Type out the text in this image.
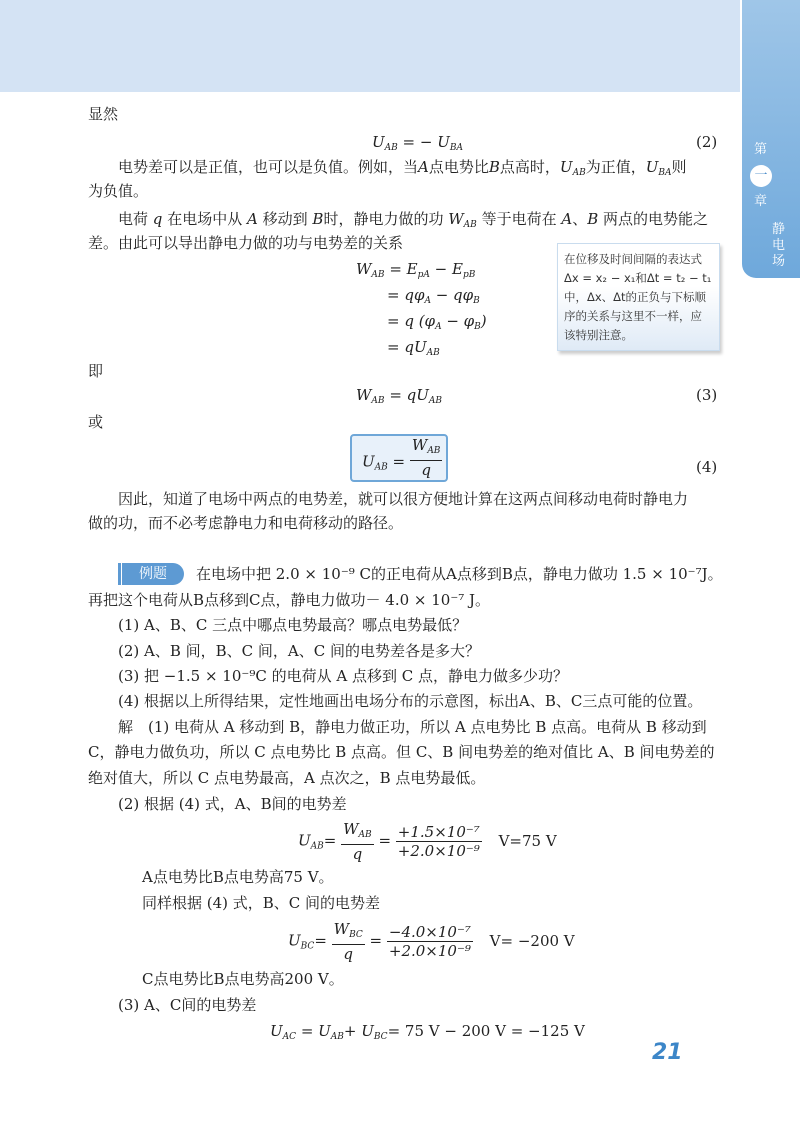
第
一
章
静电场
显然
$U_{AB}$ = − $U_{BA}$	(2)
电势差可以是正值，也可以是负值。例如，当A点电势比B点高时，$U_{AB}$为正值，$U_{BA}$则
为负值。
电荷 q 在电场中从 A 移动到 B时，静电力做的功 $W_{AB}$ 等于电荷在 A、B 两点的电势能之
差。由此可以导出静电力做的功与电势差的关系
$W_{AB} = E_{pA} - E_{pB}$
= $q\varphi_A - q\varphi_B$
= q $(\varphi_A - \varphi_B)$
= $qU_{AB}$
在位移及时间间隔的表达式Δx = x₂ − x₁和Δt = t₂ − t₁中，Δx、Δt的正负与下标顺序的关系与这里不一样，应该特别注意。
即
$W_{AB} = qU_{AB}$	(3)
或
$U_{AB} = \frac{W_{AB}}{q}$	(4)
因此，知道了电场中两点的电势差，就可以很方便地计算在这两点间移动电荷时静电力
做的功，而不必考虑静电力和电荷移动的路径。
例题	在电场中把 2.0 × 10⁻⁹ C的正电荷从A点移到B点，静电力做功 1.5 × 10⁻⁷J。
再把这个电荷从B点移到C点，静电力做功－ 4.0 × 10⁻⁷ J。
(1) A、B、C 三点中哪点电势最高？哪点电势最低？
(2) A、B 间，B、C 间，A、C 间的电势差各是多大？
(3) 把 −1.5 × 10⁻⁹C 的电荷从 A 点移到 C 点，静电力做多少功？
(4) 根据以上所得结果，定性地画出电场分布的示意图，标出A、B、C三点可能的位置。
解　(1) 电荷从 A 移动到 B，静电力做正功，所以 A 点电势比 B 点高。电荷从 B 移动到
C，静电力做负功，所以 C 点电势比 B 点高。但 C、B 间电势差的绝对值比 A、B 间电势差的
绝对值大，所以 C 点电势最高，A 点次之，B 点电势最低。
(2) 根据 (4) 式，A、B间的电势差
$U_{AB}= \frac{W_{AB}}{q} = \frac{\text{+1.5×10⁻⁷}}{\text{+2.0×10⁻⁹}} V=75$ V
A点电势比B点电势高75 V。
同样根据 (4) 式，B、C 间的电势差
$U_{BC}= \frac{W_{BC}}{q} = \frac{\text{−4.0×10⁻⁷}}{\text{+2.0×10⁻⁹}} V= -200$ V
C点电势比B点电势高200 V。
(3) A、C间的电势差
$U_{AC} = U_{AB}+ U_{BC}= 75$ V − 200 V = −125 V
21
